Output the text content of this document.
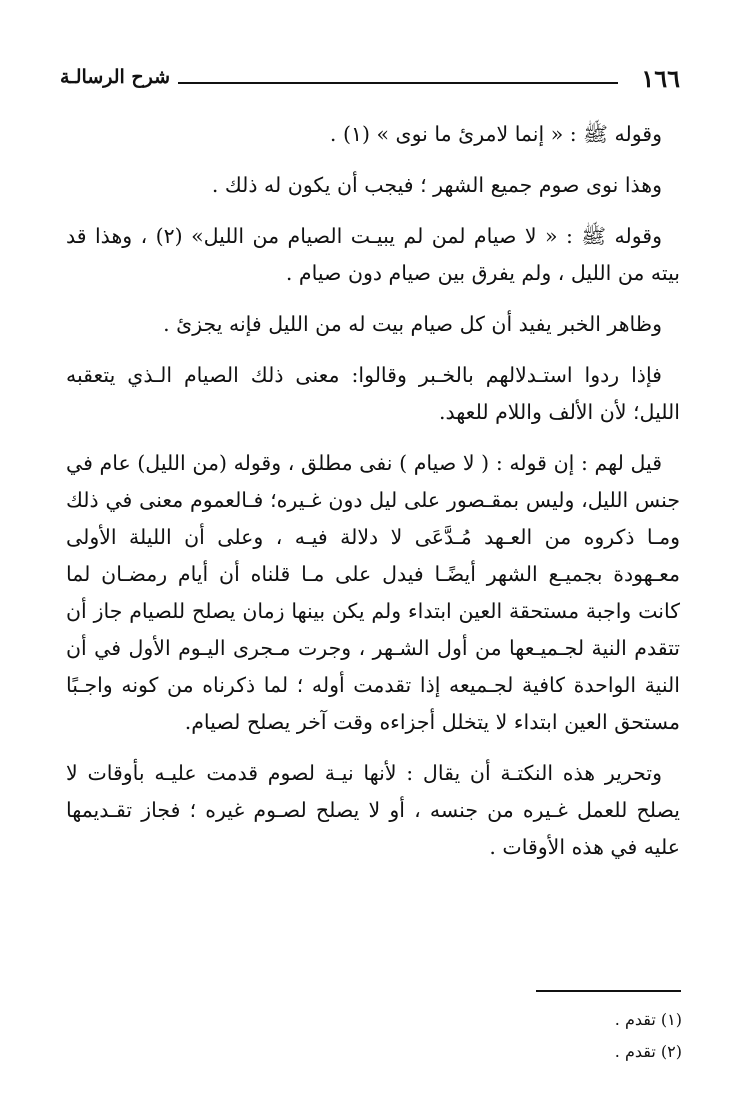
١٦٦
شرح الرسالـة

وقوله ﷺ : « إنما لامرئ ما نوى » (١) .

وهذا نوى صوم جميع الشهر ؛ فيجب أن يكون له ذلك .

وقوله ﷺ : « لا صيام لمن لم يبيـت الصيام من الليل» (٢) ، وهذا قد بيته من الليل ، ولم يفرق بين صيام دون صيام .

وظاهر الخبر يفيد أن كل صيام بيت له من الليل فإنه يجزئ .

فإذا ردوا استـدلالهم بالخـبر وقالوا: معنى ذلك الصيام الـذي يتعقبه الليل؛ لأن الألف واللام للعهد.

قيل لهم : إن قوله : ( لا صيام ) نفى مطلق ، وقوله (من الليل) عام في جنس الليل، وليس بمقـصور على ليل دون غـيره؛ فـالعموم معنى في ذلك ومـا ذكروه من العـهد مُـدَّعَى لا دلالة فيـه ، وعلى أن الليلة الأولى معـهودة بجميـع الشهر أيضًـا فيدل على مـا قلناه أن أيام رمضـان لما كانت واجبة مستحقة العين ابتداء ولم يكن بينها زمان يصلح للصيام جاز أن تتقدم النية لجـميـعها من أول الشـهر ، وجرت مـجرى اليـوم الأول في أن النية الواحدة كافية لجـميعه إذا تقدمت أوله ؛ لما ذكرناه من كونه واجـبًا مستحق العين ابتداء لا يتخلل أجزاءه وقت آخر يصلح لصيام.

وتحرير هذه النكتـة أن يقال : لأنها نيـة لصوم قدمت عليـه بأوقات لا يصلح للعمل غـيره من جنسه ، أو لا يصلح لصـوم غيره ؛ فجاز تقـديمها عليه في هذه الأوقات .

(١) تقدم .
(٢) تقدم .
